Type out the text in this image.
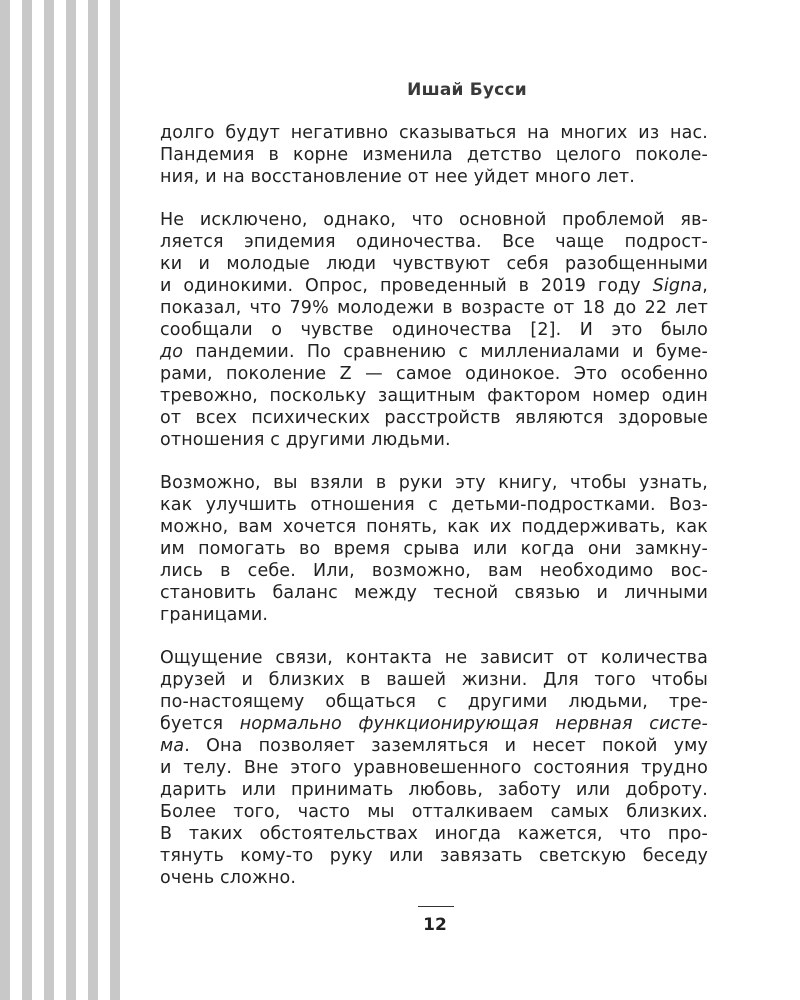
Ишай Бусси

долго будут негативно сказываться на многих из нас.
Пандемия в корне изменила детство целого поколе-
ния, и на восстановление от нее уйдет много лет.

Не исключено, однако, что основной проблемой яв-
ляется эпидемия одиночества. Все чаще подрост-
ки и молодые люди чувствуют себя разобщенными
и одинокими. Опрос, проведенный в 2019 году Signa,
показал, что 79% молодежи в возрасте от 18 до 22 лет
сообщали о чувстве одиночества [2]. И это было
до пандемии. По сравнению с миллениалами и буме-
рами, поколение Z — самое одинокое. Это особенно
тревожно, поскольку защитным фактором номер один
от всех психических расстройств являются здоровые
отношения с другими людьми.

Возможно, вы взяли в руки эту книгу, чтобы узнать,
как улучшить отношения с детьми-подростками. Воз-
можно, вам хочется понять, как их поддерживать, как
им помогать во время срыва или когда они замкну-
лись в себе. Или, возможно, вам необходимо вос-
становить баланс между тесной связью и личными
границами.

Ощущение связи, контакта не зависит от количества
друзей и близких в вашей жизни. Для того чтобы
по-настоящему общаться с другими людьми, тре-
буется нормально функционирующая нервная систе-
ма. Она позволяет заземляться и несет покой уму
и телу. Вне этого уравновешенного состояния трудно
дарить или принимать любовь, заботу или доброту.
Более того, часто мы отталкиваем самых близких.
В таких обстоятельствах иногда кажется, что про-
тянуть кому-то руку или завязать светскую беседу
очень сложно.

12
